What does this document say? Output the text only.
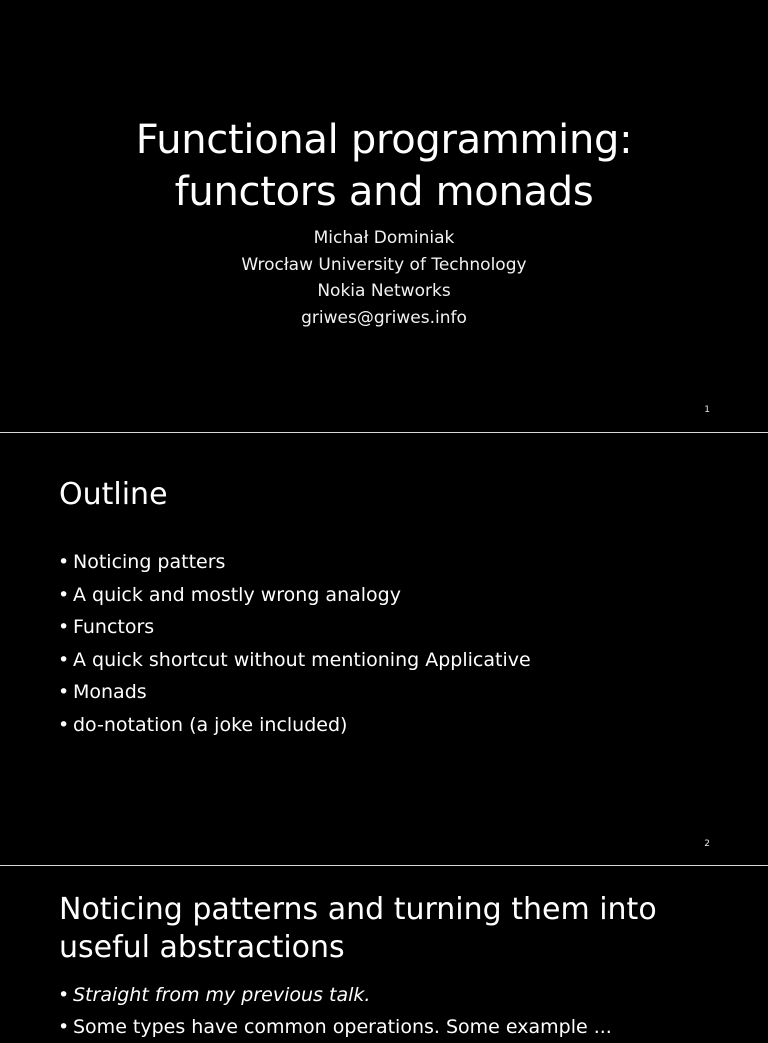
Functional programming:
functors and monads
Michał Dominiak
Wrocław University of Technology
Nokia Networks
griwes@griwes.info
1
Outline
• Noticing patters
• A quick and mostly wrong analogy
• Functors
• A quick shortcut without mentioning Applicative
• Monads
• do-notation (a joke included)
2
Noticing patterns and turning them into useful abstractions
• Straight from my previous talk.
• Some types have common operations. Some example ...
